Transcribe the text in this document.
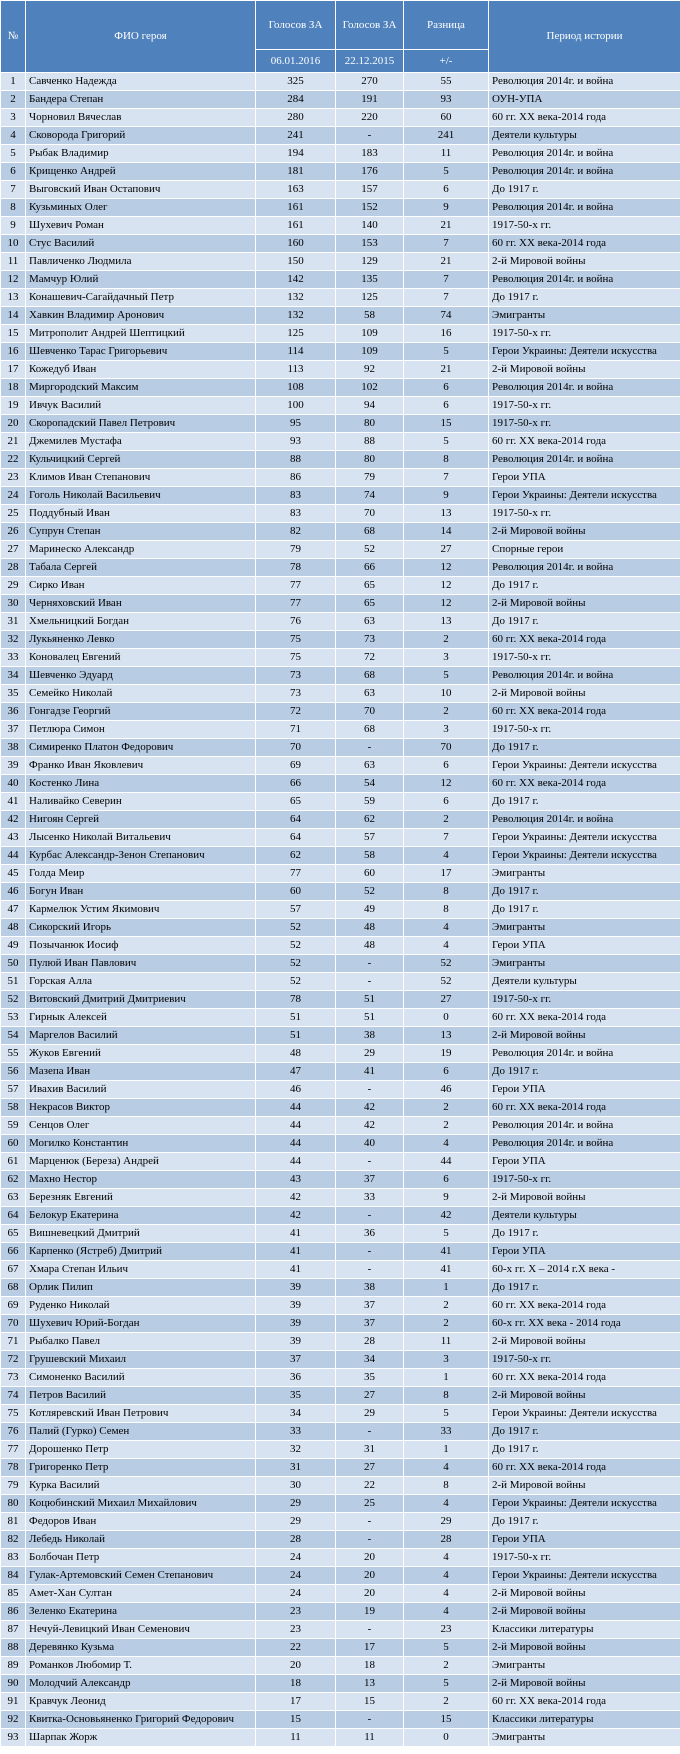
№	ФИО героя	Голосов ЗА	Голосов ЗА	Разница	Период истории
		06.01.2016	22.12.2015	+/-	
1	Савченко Надежда	325	270	55	Революция 2014г. и война
2	Бандера Степан	284	191	93	ОУН-УПА
3	Чорновил Вячеслав	280	220	60	60 гг. ХХ века-2014 года
4	Сковорода Григорий	241	-	241	Деятели культуры
5	Рыбак Владимир	194	183	11	Революция 2014г. и война
6	Крищенко Андрей	181	176	5	Революция 2014г. и война
7	Выговский Иван Остапович	163	157	6	До 1917 г.
8	Кузьминых Олег	161	152	9	Революция 2014г. и война
9	Шухевич Роман	161	140	21	1917-50-х гг.
10	Стус Василий	160	153	7	60 гг. ХХ века-2014 года
11	Павличенко Людмила	150	129	21	2-й Мировой войны
12	Мамчур Юлий	142	135	7	Революция 2014г. и война
13	Конашевич-Сагайдачный Петр	132	125	7	До 1917 г.
14	Хавкин Владимир Аронович	132	58	74	Эмигранты
15	Митрополит Андрей Шептицкий	125	109	16	1917-50-х гг.
16	Шевченко Тарас Григорьевич	114	109	5	Герои Украины: Деятели искусства
17	Кожедуб Иван	113	92	21	2-й Мировой войны
18	Миргородский Максим	108	102	6	Революция 2014г. и война
19	Ивчук Василий	100	94	6	1917-50-х гг.
20	Скоропадский Павел Петрович	95	80	15	1917-50-х гг.
21	Джемилев Мустафа	93	88	5	60 гг. ХХ века-2014 года
22	Кульчицкий Сергей	88	80	8	Революция 2014г. и война
23	Климов Иван Степанович	86	79	7	Герои УПА
24	Гоголь Николай Васильевич	83	74	9	Герои Украины: Деятели искусства
25	Поддубный Иван	83	70	13	1917-50-х гг.
26	Супрун Степан	82	68	14	2-й Мировой войны
27	Маринеско Александр	79	52	27	Спорные герои
28	Табала Сергей	78	66	12	Революция 2014г. и война
29	Сирко Иван	77	65	12	До 1917 г.
30	Черняховский Иван	77	65	12	2-й Мировой войны
31	Хмельницкий Богдан	76	63	13	До 1917 г.
32	Лукьяненко Левко	75	73	2	60 гг. ХХ века-2014 года
33	Коновалец Евгений	75	72	3	1917-50-х гг.
34	Шевченко Эдуард	73	68	5	Революция 2014г. и война
35	Семейко Николай	73	63	10	2-й Мировой войны
36	Гонгадзе Георгий	72	70	2	60 гг. ХХ века-2014 года
37	Петлюра Симон	71	68	3	1917-50-х гг.
38	Симиренко Платон Федорович	70	-	70	До 1917 г.
39	Франко Иван Яковлевич	69	63	6	Герои Украины: Деятели искусства
40	Костенко Лина	66	54	12	60 гг. ХХ века-2014 года
41	Наливайко Северин	65	59	6	До 1917 г.
42	Нигоян Сергей	64	62	2	Революция 2014г. и война
43	Лысенко Николай Витальевич	64	57	7	Герои Украины: Деятели искусства
44	Курбас Александр-Зенон Степанович	62	58	4	Герои Украины: Деятели искусства
45	Голда Меир	77	60	17	Эмигранты
46	Богун Иван	60	52	8	До 1917 г.
47	Кармелюк Устим Якимович	57	49	8	До 1917 г.
48	Сикорский Игорь	52	48	4	Эмигранты
49	Позычанюк Иосиф	52	48	4	Герои УПА
50	Пулюй Иван Павлович	52	-	52	Эмигранты
51	Горская Алла	52	-	52	Деятели культуры
52	Витовский Дмитрий Дмитриевич	78	51	27	1917-50-х гг.
53	Гирнык Алексей	51	51	0	60 гг. ХХ века-2014 года
54	Маргелов Василий	51	38	13	2-й Мировой войны
55	Жуков Евгений	48	29	19	Революция 2014г. и война
56	Мазепа Иван	47	41	6	До 1917 г.
57	Ивахив Василий	46	-	46	Герои УПА
58	Некрасов Виктор	44	42	2	60 гг. ХХ века-2014 года
59	Сенцов Олег	44	42	2	Революция 2014г. и война
60	Могилко Константин	44	40	4	Революция 2014г. и война
61	Марценюк (Береза) Андрей	44	-	44	Герои УПА
62	Махно Нестор	43	37	6	1917-50-х гг.
63	Березняк Евгений	42	33	9	2-й Мировой войны
64	Белокур Екатерина	42	-	42	Деятели культуры
65	Вишневецкий Дмитрий	41	36	5	До 1917 г.
66	Карпенко (Ястреб) Дмитрий	41	-	41	Герои УПА
67	Хмара Степан Ильич	41	-	41	60-х гг. Х – 2014 г.Х века -
68	Орлик Пилип	39	38	1	До 1917 г.
69	Руденко Николай	39	37	2	60 гг. ХХ века-2014 года
70	Шухевич Юрий-Богдан	39	37	2	60-х гг. ХХ века - 2014 года
71	Рыбалко Павел	39	28	11	2-й Мировой войны
72	Грушевский Михаил	37	34	3	1917-50-х гг.
73	Симоненко Василий	36	35	1	60 гг. ХХ века-2014 года
74	Петров Василий	35	27	8	2-й Мировой войны
75	Котляревский Иван Петрович	34	29	5	Герои Украины: Деятели искусства
76	Палий (Гурко) Семен	33	-	33	До 1917 г.
77	Дорошенко Петр	32	31	1	До 1917 г.
78	Григоренко Петр	31	27	4	60 гг. ХХ века-2014 года
79	Курка Василий	30	22	8	2-й Мировой войны
80	Коцюбинский Михаил Михайлович	29	25	4	Герои Украины: Деятели искусства
81	Федоров Иван	29	-	29	До 1917 г.
82	Лебедь Николай	28	-	28	Герои УПА
83	Болбочан Петр	24	20	4	1917-50-х гг.
84	Гулак-Артемовский Семен Степанович	24	20	4	Герои Украины: Деятели искусства
85	Амет-Хан Султан	24	20	4	2-й Мировой войны
86	Зеленко Екатерина	23	19	4	2-й Мировой войны
87	Нечуй-Левицкий Иван Семенович	23	-	23	Классики литературы
88	Деревянко Кузьма	22	17	5	2-й Мировой войны
89	Романков Любомир Т.	20	18	2	Эмигранты
90	Молодчий Александр	18	13	5	2-й Мировой войны
91	Кравчук Леонид	17	15	2	60 гг. ХХ века-2014 года
92	Квитка-Основьяненко Григорий Федорович	15	-	15	Классики литературы
93	Шарпак Жорж	11	11	0	Эмигранты
